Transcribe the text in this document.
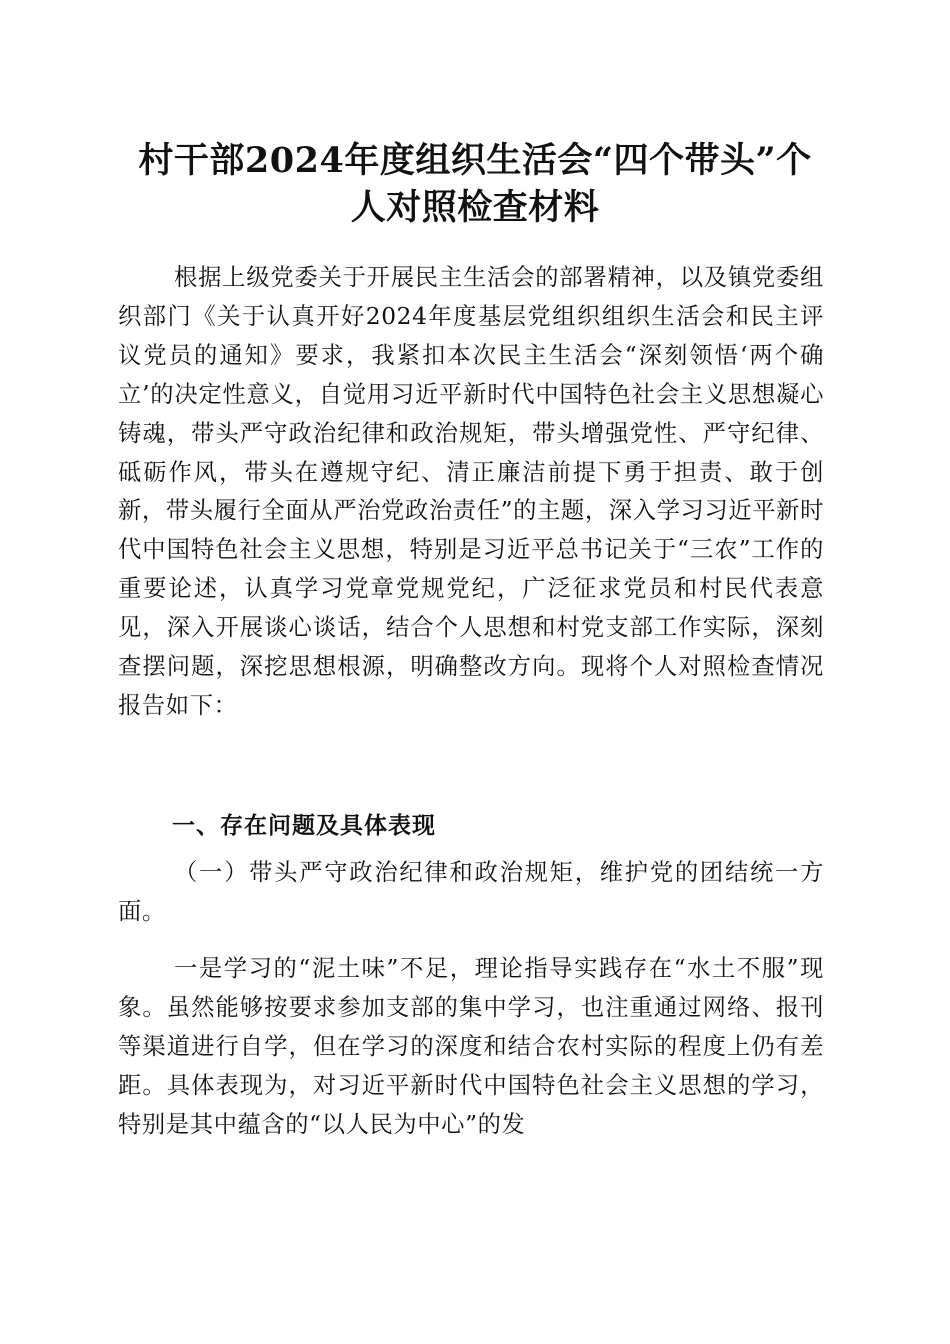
村干部2024年度组织生活会“四个带头”个
人对照检查材料

根据上级党委关于开展民主生活会的部署精神，以及镇党委组织部门《关于认真开好2024年度基层党组织组织生活会和民主评议党员的通知》要求，我紧扣本次民主生活会“深刻领悟‘两个确立’的决定性意义，自觉用习近平新时代中国特色社会主义思想凝心铸魂，带头严守政治纪律和政治规矩，带头增强党性、严守纪律、砥砺作风，带头在遵规守纪、清正廉洁前提下勇于担责、敢于创新，带头履行全面从严治党政治责任”的主题，深入学习习近平新时代中国特色社会主义思想，特别是习近平总书记关于“三农”工作的重要论述，认真学习党章党规党纪，广泛征求党员和村民代表意见，深入开展谈心谈话，结合个人思想和村党支部工作实际，深刻查摆问题，深挖思想根源，明确整改方向。现将个人对照检查情况报告如下：

一、存在问题及具体表现

（一）带头严守政治纪律和政治规矩，维护党的团结统一方面。

一是学习的“泥土味”不足，理论指导实践存在“水土不服”现象。虽然能够按要求参加支部的集中学习，也注重通过网络、报刊等渠道进行自学，但在学习的深度和结合农村实际的程度上仍有差距。具体表现为，对习近平新时代中国特色社会主义思想的学习，特别是其中蕴含的“以人民为中心”的发
